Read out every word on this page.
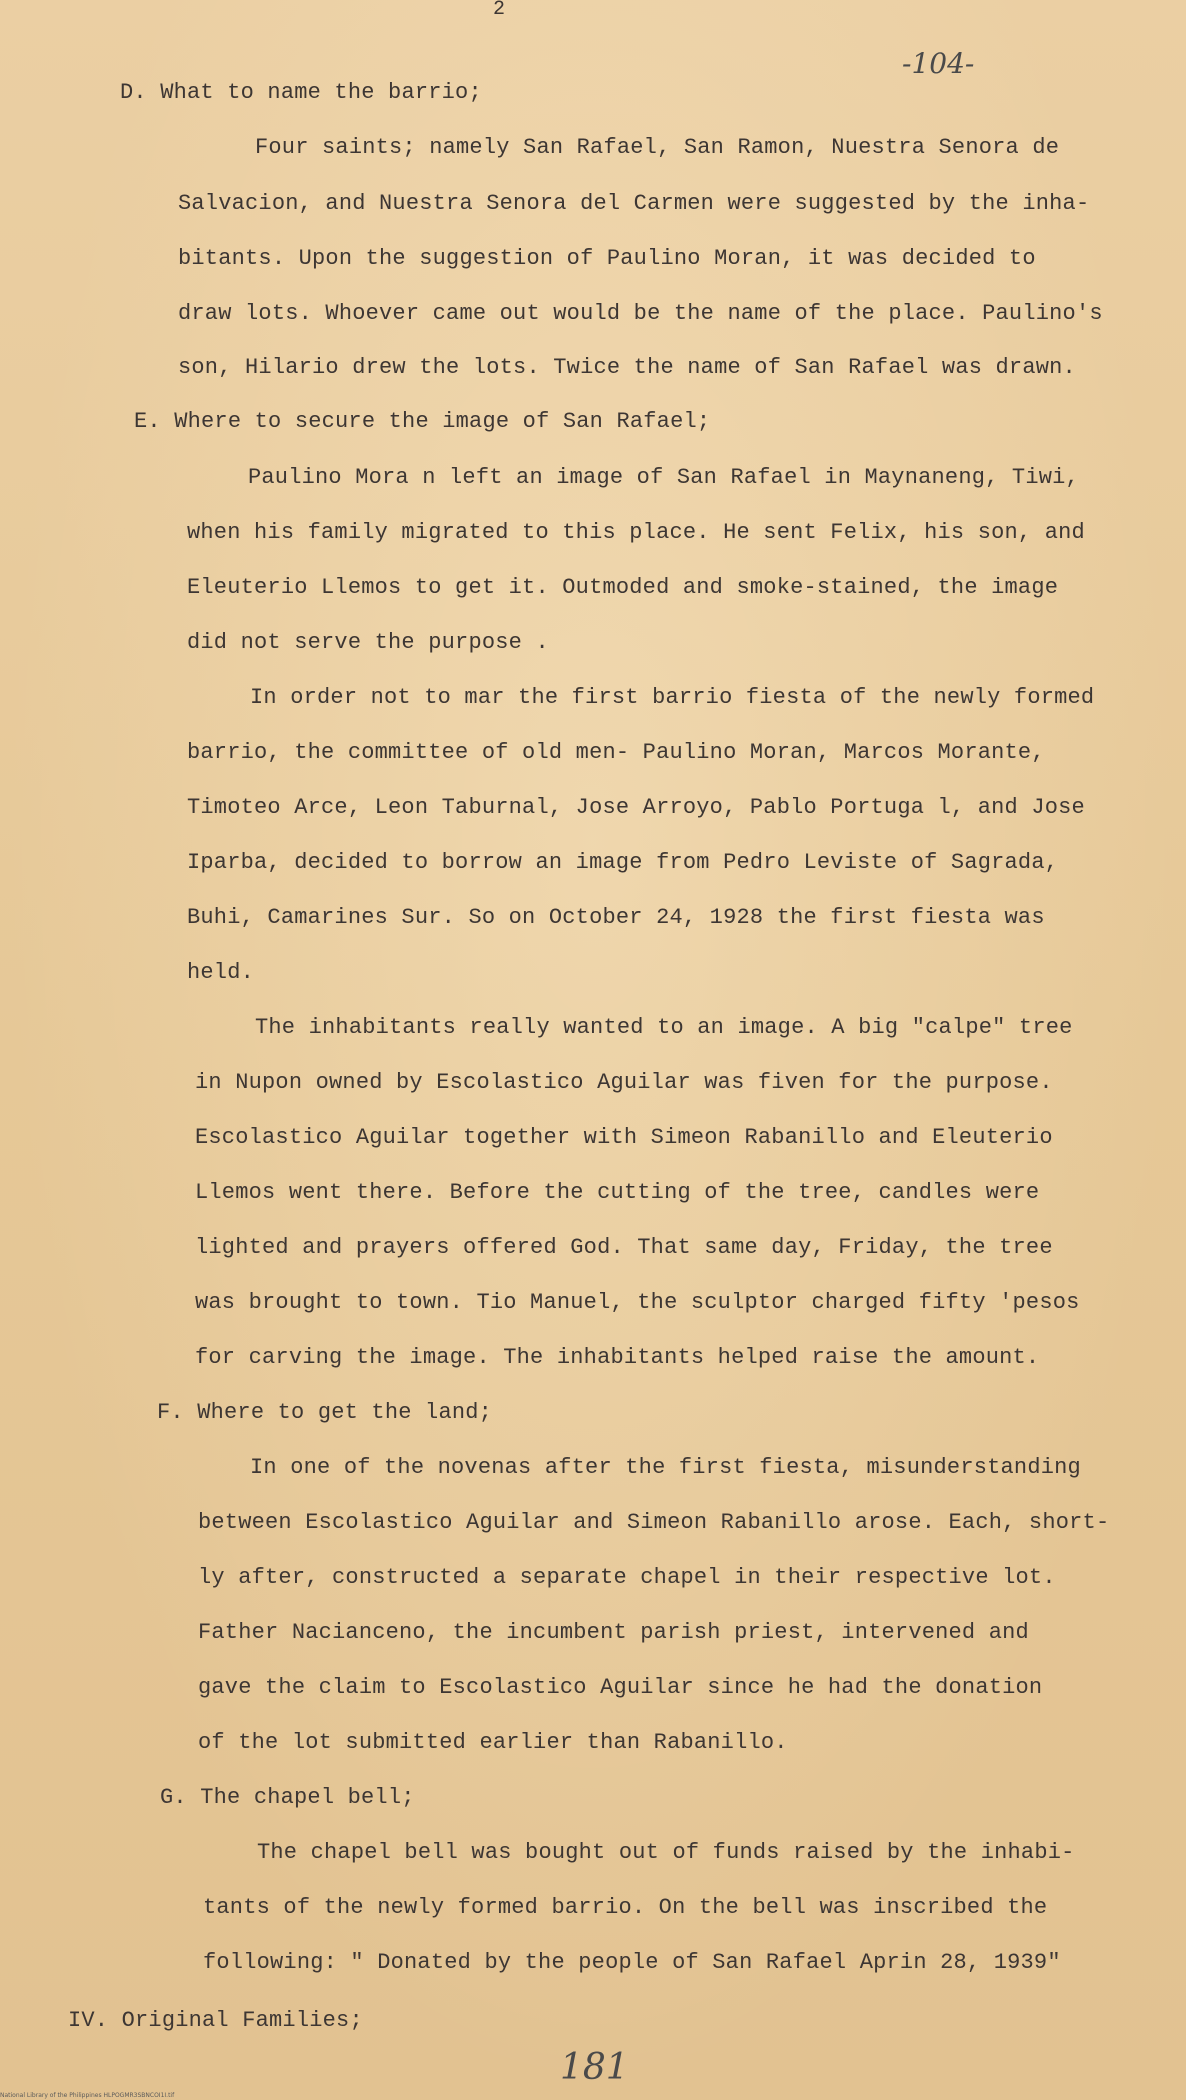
2
-104-
D. What to name the barrio;
Four saints; namely San Rafael, San Ramon, Nuestra Senora de
Salvacion, and Nuestra Senora del Carmen were suggested by the inha-
bitants. Upon the suggestion of Paulino Moran, it was decided to
draw lots. Whoever came out would be the name of the place. Paulino's
son, Hilario drew the lots. Twice the name of San Rafael was drawn.
E. Where to secure the image of San Rafael;
Paulino Mora n left an image of San Rafael in Maynaneng, Tiwi,
when his family migrated to this place. He sent Felix, his son, and
Eleuterio Llemos to get it. Outmoded and smoke-stained, the image
did not serve the purpose .
In order not to mar the first barrio fiesta of the newly formed
barrio, the committee of old men- Paulino Moran, Marcos Morante,
Timoteo Arce, Leon Taburnal, Jose Arroyo, Pablo Portuga l, and Jose
Iparba, decided to borrow an image from Pedro Leviste of Sagrada,
Buhi, Camarines Sur. So on October 24, 1928 the first fiesta was
held.
The inhabitants really wanted to an image. A big "calpe" tree
in Nupon owned by Escolastico Aguilar was fiven for the purpose.
Escolastico Aguilar together with Simeon Rabanillo and Eleuterio
Llemos went there. Before the cutting of the tree, candles were
lighted and prayers offered God. That same day, Friday, the tree
was brought to town. Tio Manuel, the sculptor charged fifty 'pesos
for carving the image. The inhabitants helped raise the amount.
F. Where to get the land;
In one of the novenas after the first fiesta, misunderstanding
between Escolastico Aguilar and Simeon Rabanillo arose. Each, short-
ly after, constructed a separate chapel in their respective lot.
Father Nacianceno, the incumbent parish priest, intervened and
gave the claim to Escolastico Aguilar since he had the donation
of the lot submitted earlier than Rabanillo.
G. The chapel bell;
The chapel bell was bought out of funds raised by the inhabi-
tants of the newly formed barrio. On the bell was inscribed the
following: " Donated by the people of San Rafael Aprin 28, 1939"
IV. Original Families;
181
National Library of the Philippines HLPOGMR3SBNCOI1I.tif
